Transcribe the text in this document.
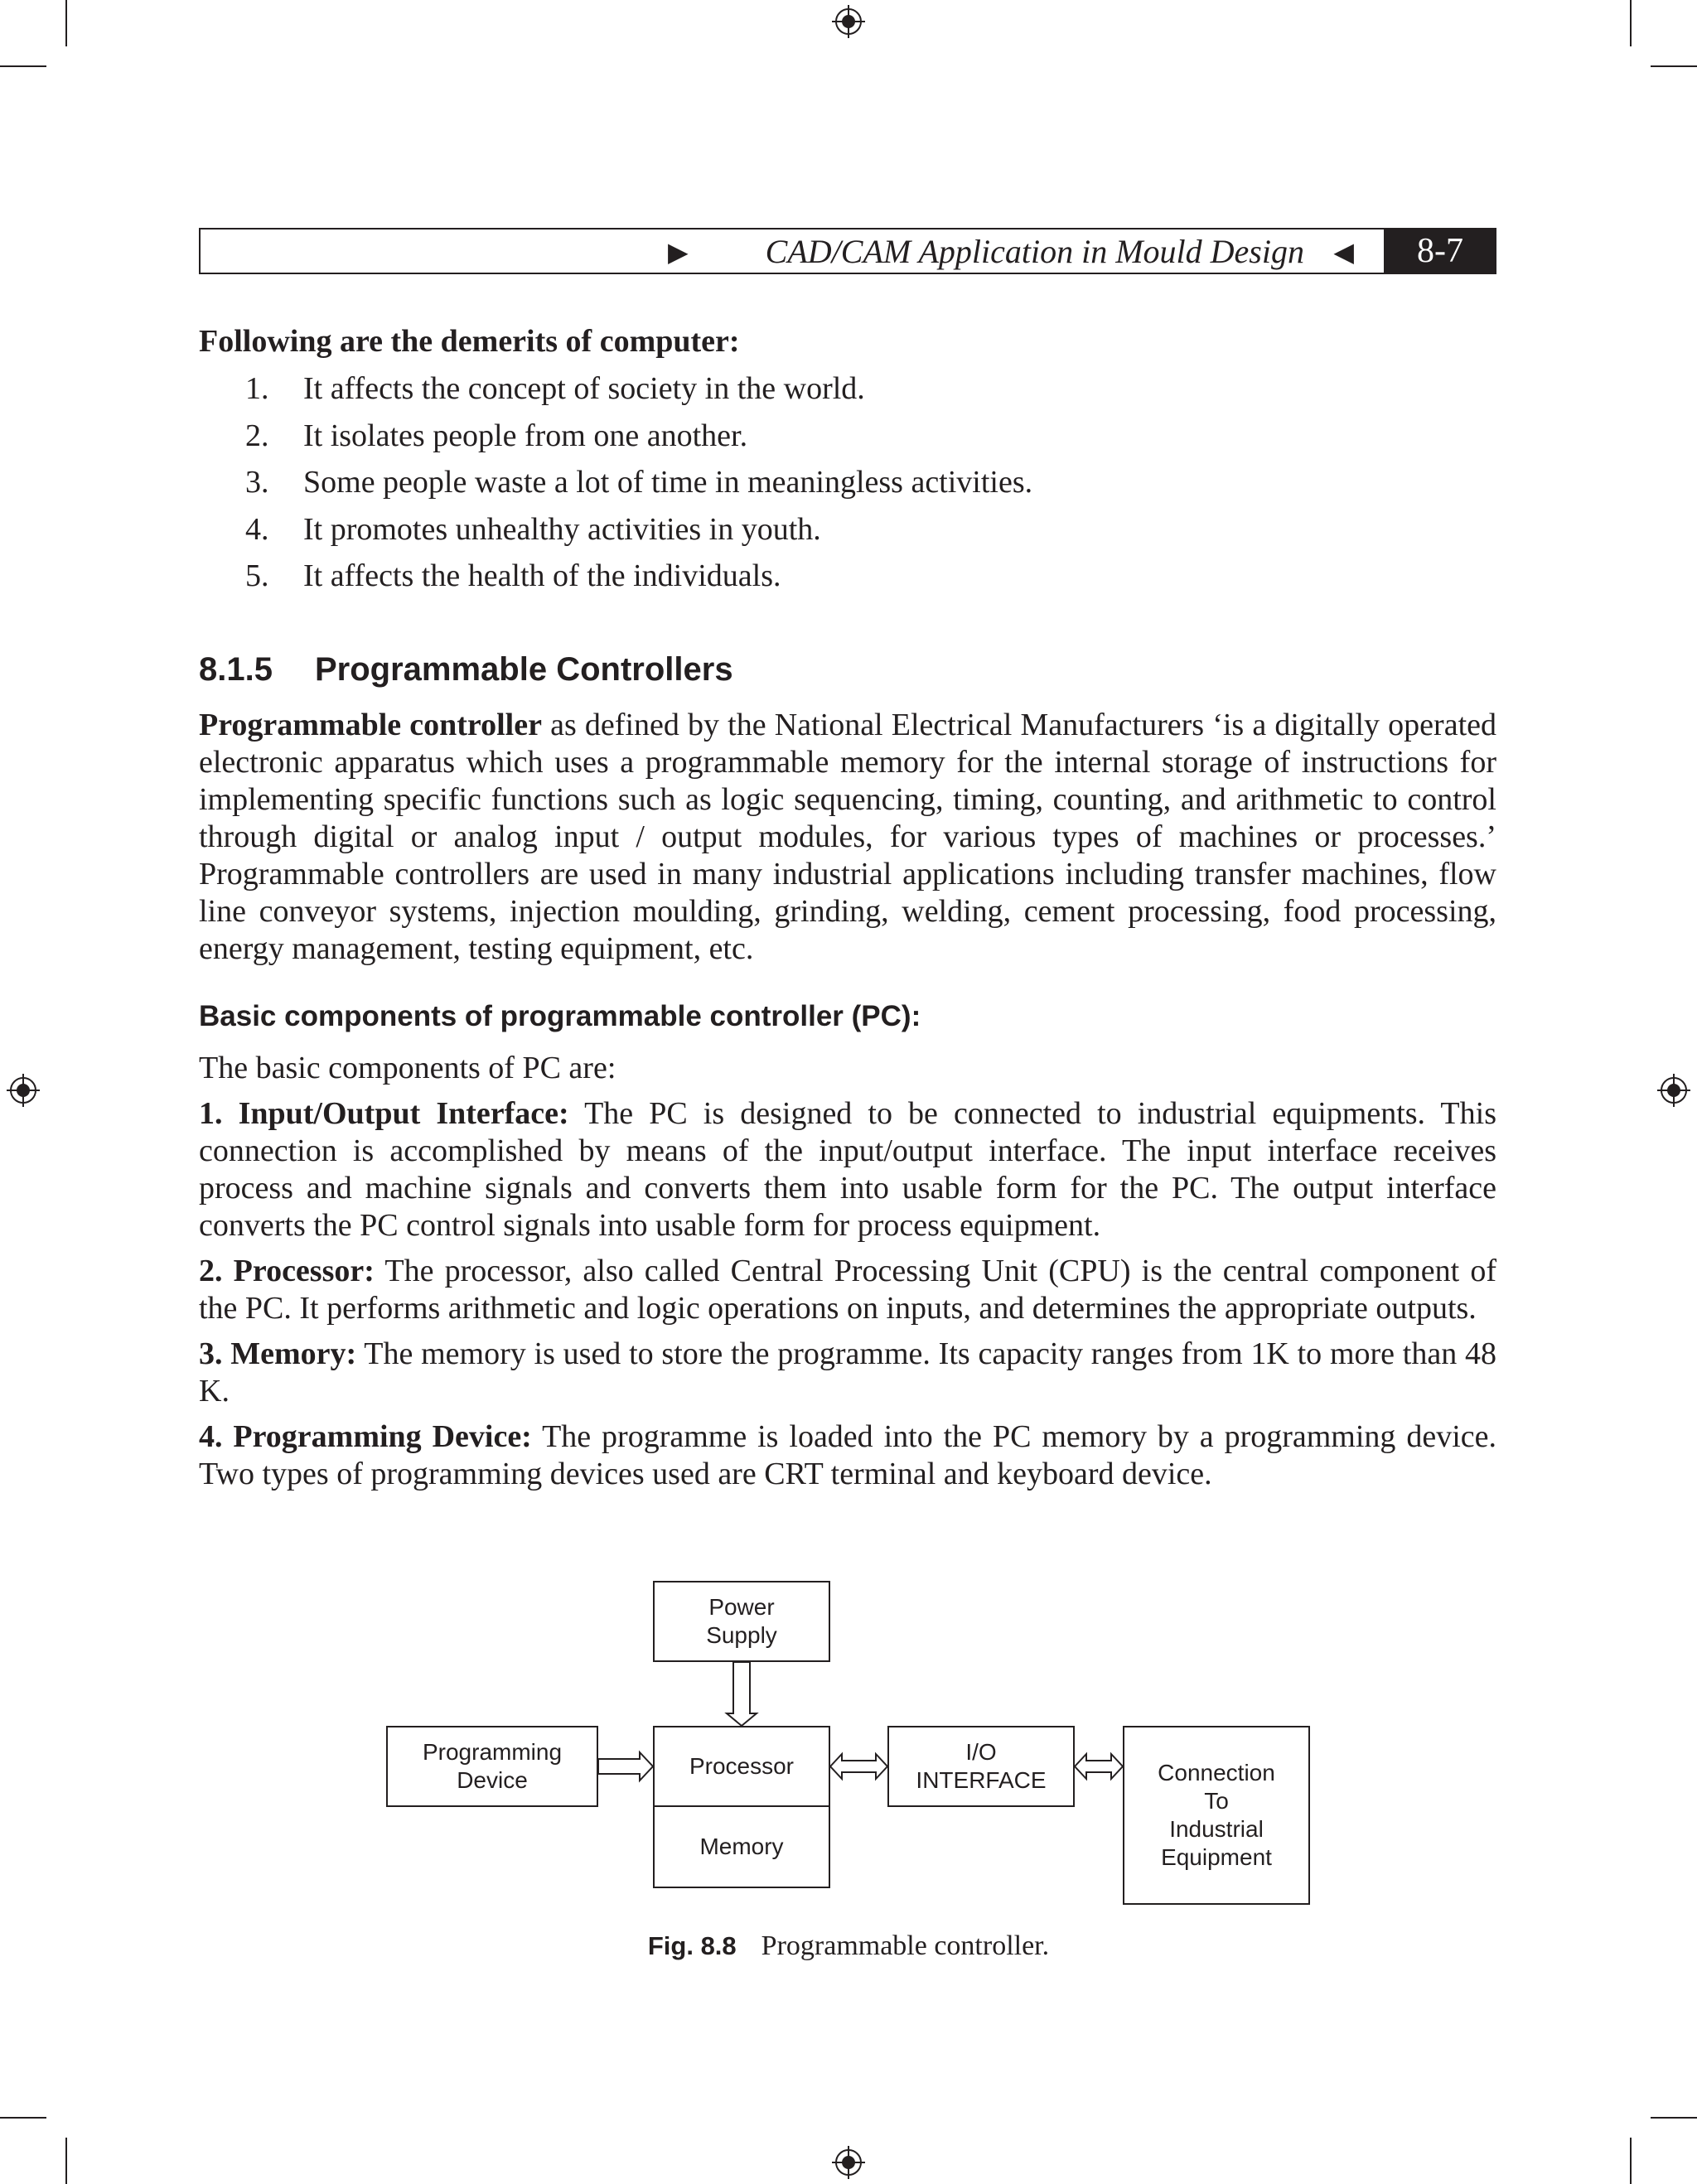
▶ CAD/CAM Application in Mould Design ◀	8-7

Following are the demerits of computer:

1. It affects the concept of society in the world.
2. It isolates people from one another.
3. Some people waste a lot of time in meaningless activities.
4. It promotes unhealthy activities in youth.
5. It affects the health of the individuals.
8.1.5 Programmable Controllers

Programmable controller as defined by the National Electrical Manufacturers ‘is a digitally operated electronic apparatus which uses a programmable memory for the internal storage of instructions for implementing specific functions such as logic sequencing, timing, counting, and arithmetic to control through digital or analog input / output modules, for various types of machines or processes.’ Programmable controllers are used in many industrial applications including transfer machines, flow line conveyor systems, injection moulding, grinding, welding, cement processing, food processing, energy management, testing equipment, etc.

Basic components of programmable controller (PC):

The basic components of PC are:

1. Input/Output Interface: The PC is designed to be connected to industrial equipments. This connection is accomplished by means of the input/output interface. The input interface receives process and machine signals and converts them into usable form for the PC. The output interface converts the PC control signals into usable form for process equipment.

2. Processor: The processor, also called Central Processing Unit (CPU) is the central component of the PC. It performs arithmetic and logic operations on inputs, and determines the appropriate outputs.

3. Memory: The memory is used to store the programme. Its capacity ranges from 1K to more than 48 K.

4. Programming Device: The programme is loaded into the PC memory by a programming device. Two types of programming devices used are CRT terminal and keyboard device.

Power Supply
Programming Device
Processor
Memory
I/O INTERFACE	Connection To Industrial Equipment
Fig. 8.8 Programmable controller.
